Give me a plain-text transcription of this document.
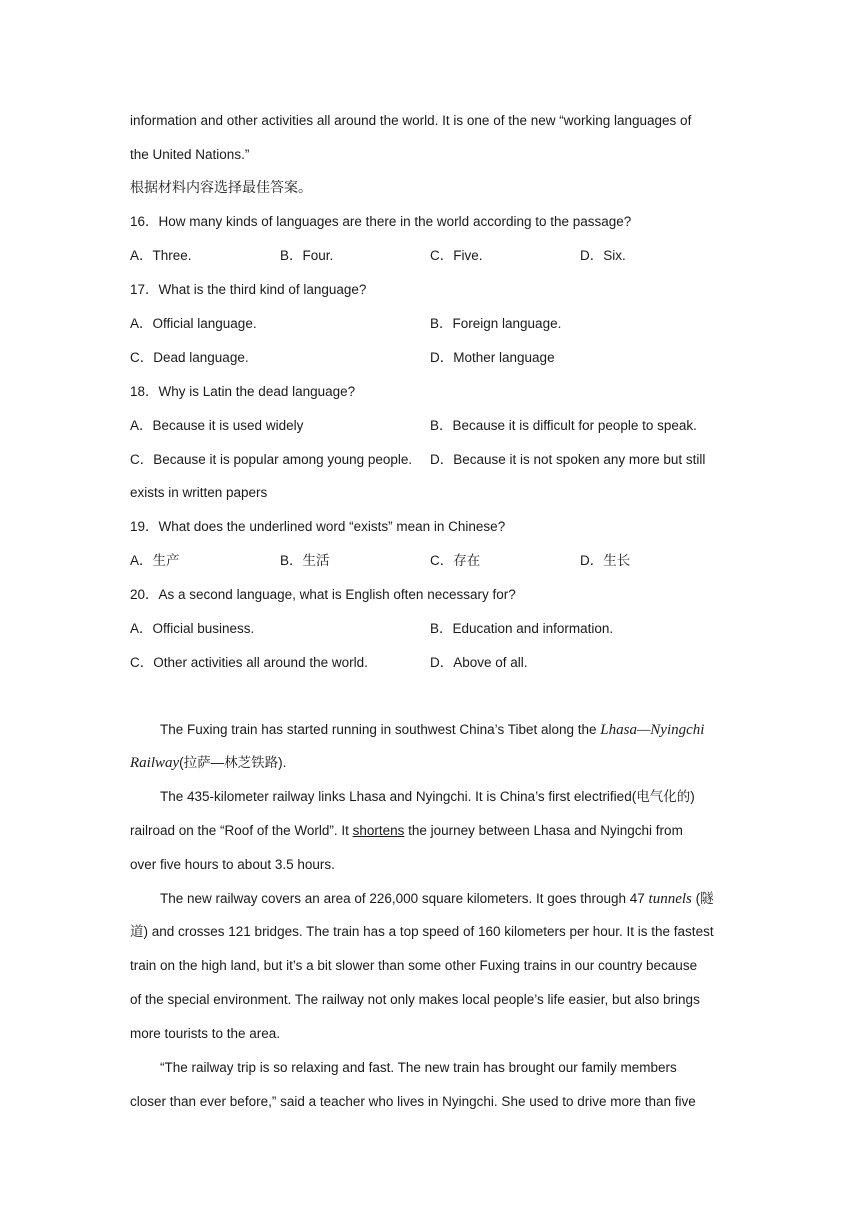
information and other activities all around the world. It is one of the new “working languages of
the United Nations.”
根据材料内容选择最佳答案。
16．How many kinds of languages are there in the world according to the passage?
A．Three.	B．Four.	C．Five.	D．Six.
17．What is the third kind of language?
A．Official language.	B．Foreign language.
C．Dead language.	D．Mother language
18．Why is Latin the dead language?
A．Because it is used widely	B．Because it is difficult for people to speak.
C．Because it is popular among young people. D．Because it is not spoken any more but still
exists in written papers
19．What does the underlined word “exists” mean in Chinese?
A．生产	B．生活	C．存在	D．生长
20．As a second language, what is English often necessary for?
A．Official business.	B．Education and information.
C．Other activities all around the world.	D．Above of all.
The Fuxing train has started running in southwest China’s Tibet along the Lhasa—Nyingchi
Railway(拉萨—林芝铁路).
The 435-kilometer railway links Lhasa and Nyingchi. It is China’s first electrified(电气化的)
railroad on the “Roof of the World”. It shortens the journey between Lhasa and Nyingchi from
over five hours to about 3.5 hours.
The new railway covers an area of 226,000 square kilometers. It goes through 47 tunnels (隧
道) and crosses 121 bridges. The train has a top speed of 160 kilometers per hour. It is the fastest
train on the high land, but it’s a bit slower than some other Fuxing trains in our country because
of the special environment. The railway not only makes local people’s life easier, but also brings
more tourists to the area.
“The railway trip is so relaxing and fast. The new train has brought our family members
closer than ever before,” said a teacher who lives in Nyingchi. She used to drive more than five
